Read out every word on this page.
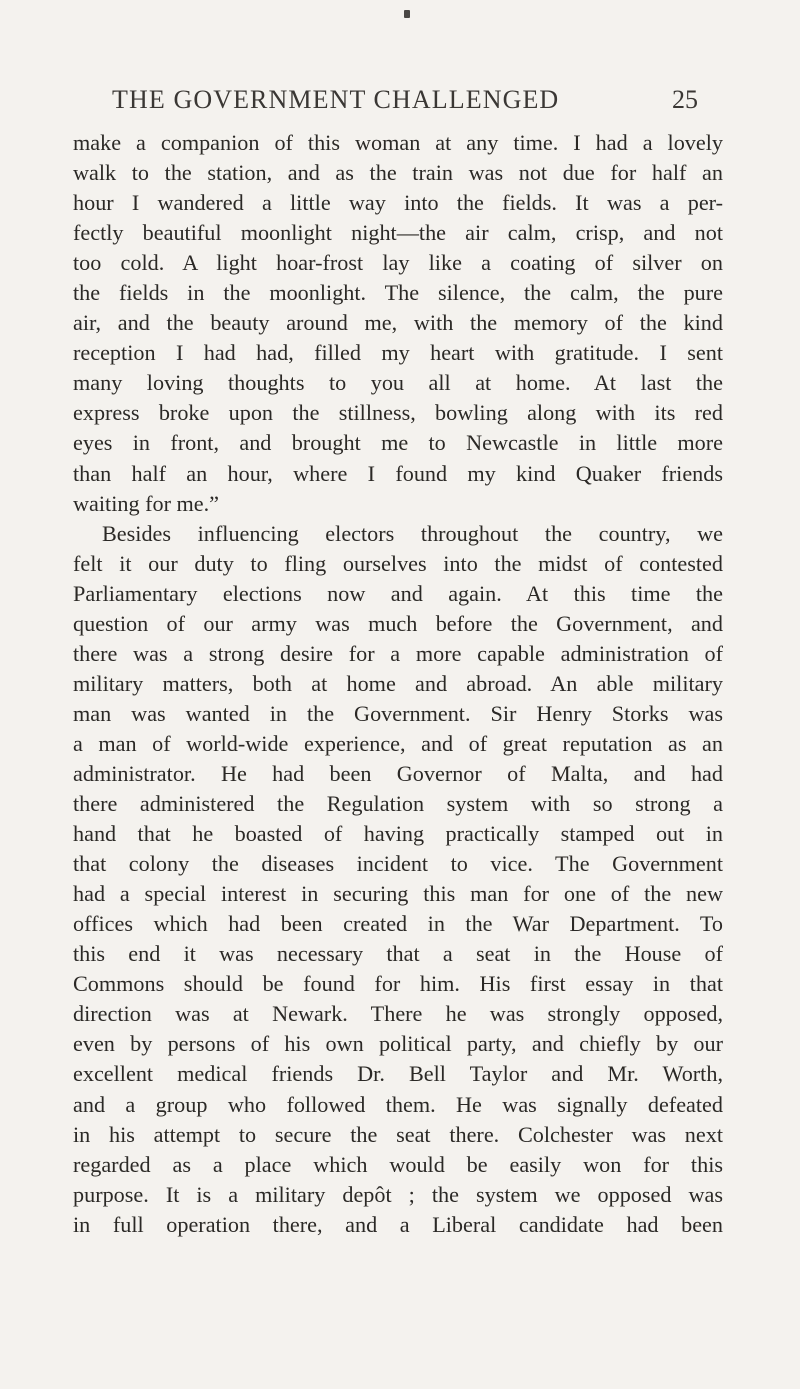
THE GOVERNMENT CHALLENGED	25
make a companion of this woman at any time. I had a lovely
walk to the station, and as the train was not due for half an
hour I wandered a little way into the fields. It was a per-
fectly beautiful moonlight night—the air calm, crisp, and not
too cold. A light hoar-frost lay like a coating of silver on
the fields in the moonlight. The silence, the calm, the pure
air, and the beauty around me, with the memory of the kind
reception I had had, filled my heart with gratitude. I sent
many loving thoughts to you all at home. At last the
express broke upon the stillness, bowling along with its red
eyes in front, and brought me to Newcastle in little more
than half an hour, where I found my kind Quaker friends
waiting for me.”
Besides influencing electors throughout the country, we
felt it our duty to fling ourselves into the midst of contested
Parliamentary elections now and again. At this time the
question of our army was much before the Government, and
there was a strong desire for a more capable administration of
military matters, both at home and abroad. An able military
man was wanted in the Government. Sir Henry Storks was
a man of world-wide experience, and of great reputation as an
administrator. He had been Governor of Malta, and had
there administered the Regulation system with so strong a
hand that he boasted of having practically stamped out in
that colony the diseases incident to vice. The Government
had a special interest in securing this man for one of the new
offices which had been created in the War Department. To
this end it was necessary that a seat in the House of
Commons should be found for him. His first essay in that
direction was at Newark. There he was strongly opposed,
even by persons of his own political party, and chiefly by our
excellent medical friends Dr. Bell Taylor and Mr. Worth,
and a group who followed them. He was signally defeated
in his attempt to secure the seat there. Colchester was next
regarded as a place which would be easily won for this
purpose. It is a military depôt ; the system we opposed was
in full operation there, and a Liberal candidate had been
